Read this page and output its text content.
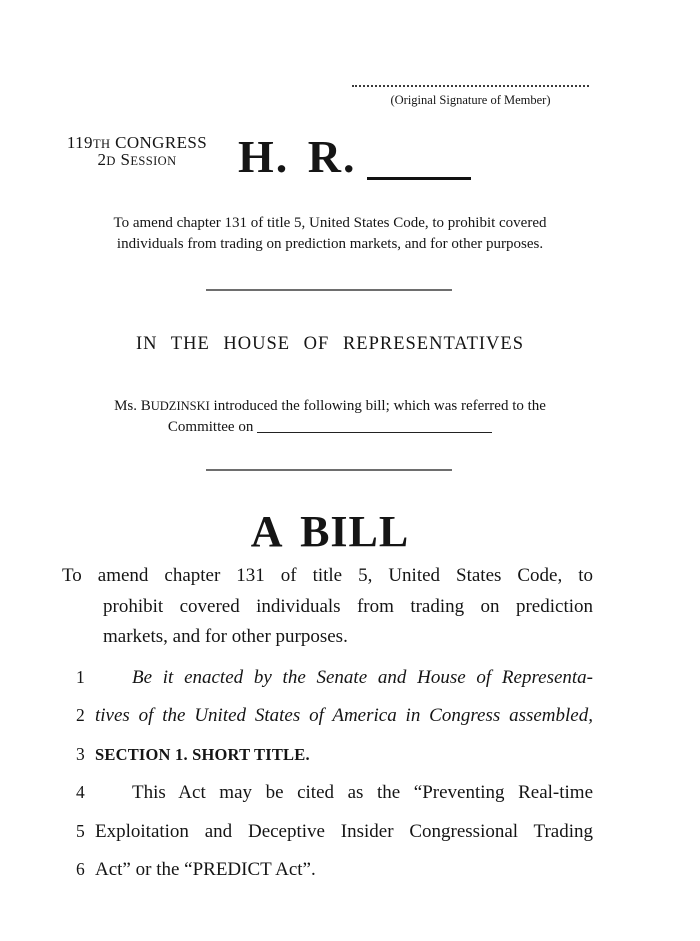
(Original Signature of Member)
119TH CONGRESS
2D SESSION	H. R.
To amend chapter 131 of title 5, United States Code, to prohibit covered
individuals from trading on prediction markets, and for other purposes.
IN THE HOUSE OF REPRESENTATIVES
Ms. BUDZINSKI introduced the following bill; which was referred to the
Committee on
A BILL
To amend chapter 131 of title 5, United States Code, to
prohibit covered individuals from trading on prediction
markets, and for other purposes.
1	Be it enacted by the Senate and House of Representa-
2 tives of the United States of America in Congress assembled,
3 SECTION 1. SHORT TITLE.
4	This Act may be cited as the “Preventing Real-time
5 Exploitation and Deceptive Insider Congressional Trading
6 Act” or the “PREDICT Act”.
